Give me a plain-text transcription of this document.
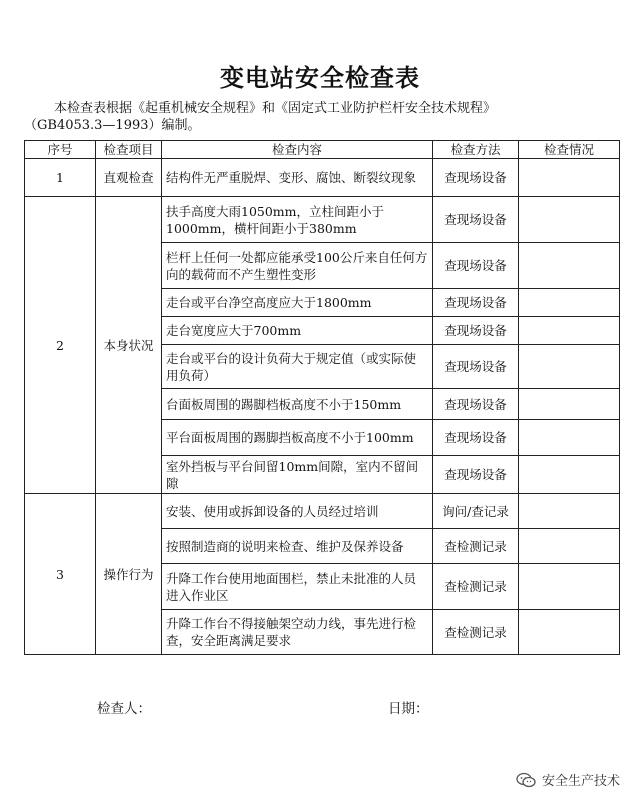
变电站安全检查表
本检查表根据《起重机械安全规程》和《固定式工业防护栏杆安全技术规程》
（GB4053.3—1993）编制。
序号	检查项目	检查内容	检查方法	检查情况
1	直观检查	结构件无严重脱焊、变形、腐蚀、断裂纹现象	查现场设备	
2	本身状况	扶手高度大雨1050mm，立柱间距小于1000mm，横杆间距小于380mm	查现场设备	
		栏杆上任何一处都应能承受100公斤来自任何方向的载荷而不产生塑性变形	查现场设备	
		走台或平台净空高度应大于1800mm	查现场设备	
		走台宽度应大于700mm	查现场设备	
		走台或平台的设计负荷大于规定值（或实际使用负荷）	查现场设备	
		台面板周围的踢脚档板高度不小于150mm	查现场设备	
		平台面板周围的踢脚挡板高度不小于100mm	查现场设备	
		室外挡板与平台间留10mm间隙，室内不留间隙	查现场设备	
3	操作行为	安装、使用或拆卸设备的人员经过培训	询问/查记录	
		按照制造商的说明来检查、维护及保养设备	查检测记录	
		升降工作台使用地面围栏，禁止未批准的人员进入作业区	查检测记录	
		升降工作台不得接触架空动力线，事先进行检查，安全距离满足要求	查检测记录	
检查人：	日期：
安全生产技术
